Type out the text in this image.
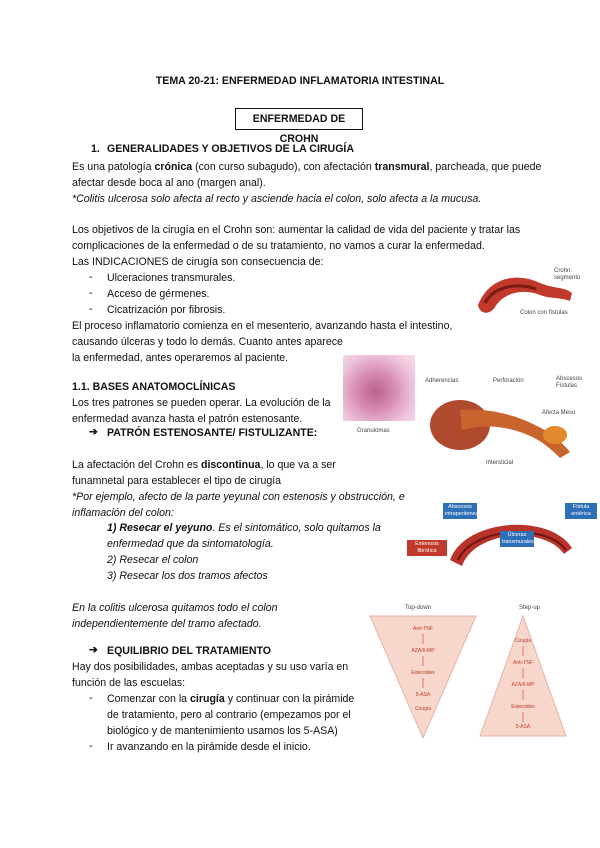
TEMA 20-21: ENFERMEDAD INFLAMATORIA INTESTINAL
ENFERMEDAD DE CROHN
1. GENERALIDADES Y OBJETIVOS DE LA CIRUGÍA
Es una patología crónica (con curso subagudo), con afectación transmural, parcheada, que puede
afectar desde boca al ano (margen anal).
*Colitis ulcerosa solo afecta al recto y asciende hacia el colon, solo afecta a la mucusa.
Los objetivos de la cirugía en el Crohn son: aumentar la calidad de vida del paciente y tratar las
complicaciones de la enfermedad o de su tratamiento, no vamos a curar la enfermedad.
Las INDICACIONES de cirugía son consecuencia de:
- Ulceraciones transmurales.
- Acceso de gérmenes.
- Cicatrización por fibrosis.
El proceso inflamatorio comienza en el mesenterio, avanzando hasta el intestino,
causando úlceras y todo lo demás. Cuanto antes aparece
la enfermedad, antes operaremos al paciente.
1.1. BASES ANATOMOCLÍNICAS
Los tres patrones se pueden operar. La evolución de la
enfermedad avanza hasta el patrón estenosante.
➔ PATRÓN ESTENOSANTE/ FISTULIZANTE:
La afectación del Crohn es discontinua, lo que va a ser
funamnetal para establecer el tipo de cirugía
*Por ejemplo, afecto de la parte yeyunal con estenosis y obstrucción, e
inflamación del colon:
1) Resecar el yeyuno. Es el sintomático, solo quitamos la
enfermedad que da sintomatología.
2) Resecar el colon
3) Resecar los dos tramos afectos
En la colitis ulcerosa quitamos todo el colon
independientemente del tramo afectado.
➔ EQUILIBRIO DEL TRATAMIENTO
Hay dos posibilidades, ambas aceptadas y su uso varía en
función de las escuelas:
- Comenzar con la cirugía y continuar con la pirámide
de tratamiento, pero al contrario (empezamos por el
biológico y de mantenimiento usamos los 5-ASA)
- Ir avanzando en la pirámide desde el inicio.
Crohn: segmento
Colon con fístulas
Granulomas
Adherencias	Perforación	Abscesos Fístulas
Afecta Meso
Intersticial
Abscesos intraperitoneales
Fístula entérica
Úlceras transmurales
Estenosis fibrótica
Top-down	Step-up
Anti-TNF
AZA/6-MP
Esteroides
5-ASA
Cirugía
Cirugía
Anti-TNF
AZA/6-MP
Esteroides
5-ASA
